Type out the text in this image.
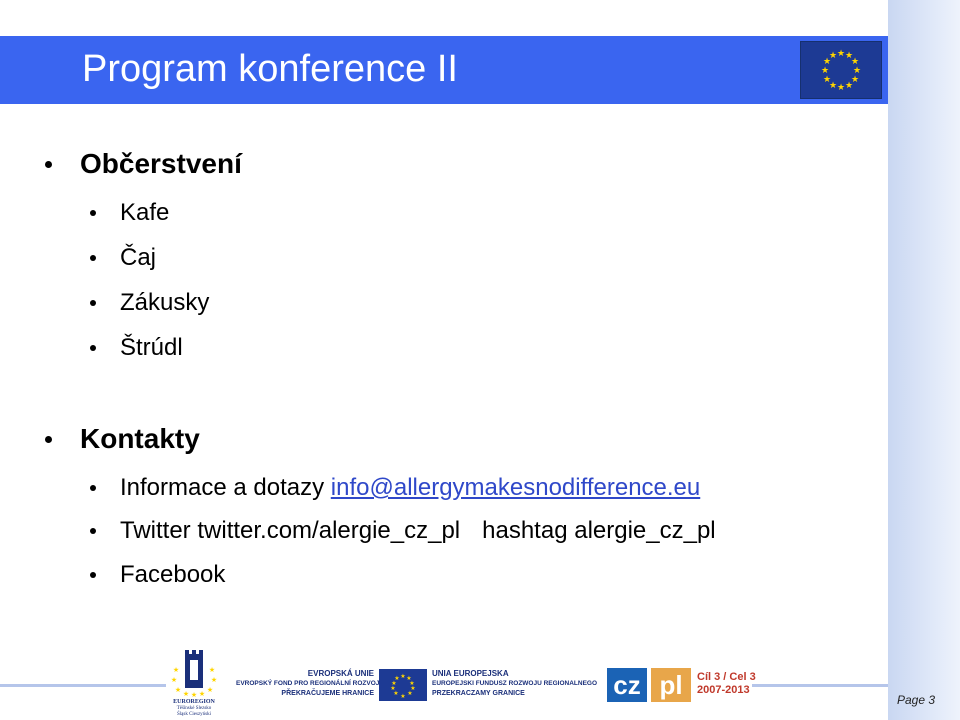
Program konference II	★ ★
★
★
★
★
★
★
★
★
★
★
Občerstvení
Kafe
Čaj
Zákusky
Štrúdl
Kontakty
Informace a dotazy info@allergymakesnodifference.eu
Twitter twitter.com/alergie_cz_pl hashtag alergie_cz_pl
Facebook
★	★
★	★
★	★
★ ★ ★
EUROREGION
Těšínské Slezsko
Śląsk Cieszyński
EVROPSKÁ UNIE
EVROPSKÝ FOND PRO REGIONÁLNÍ ROZVOJ
PŘEKRAČUJEME HRANICE
★ ★
★
★
★
★
★
★
★
★
UNIA EUROPEJSKA
EUROPEJSKI FUNDUSZ ROZWOJU REGIONALNEGO
PRZEKRACZAMY GRANICE	cz pl	Cíl 3 / Cel 3
2007-2013
Page 3
